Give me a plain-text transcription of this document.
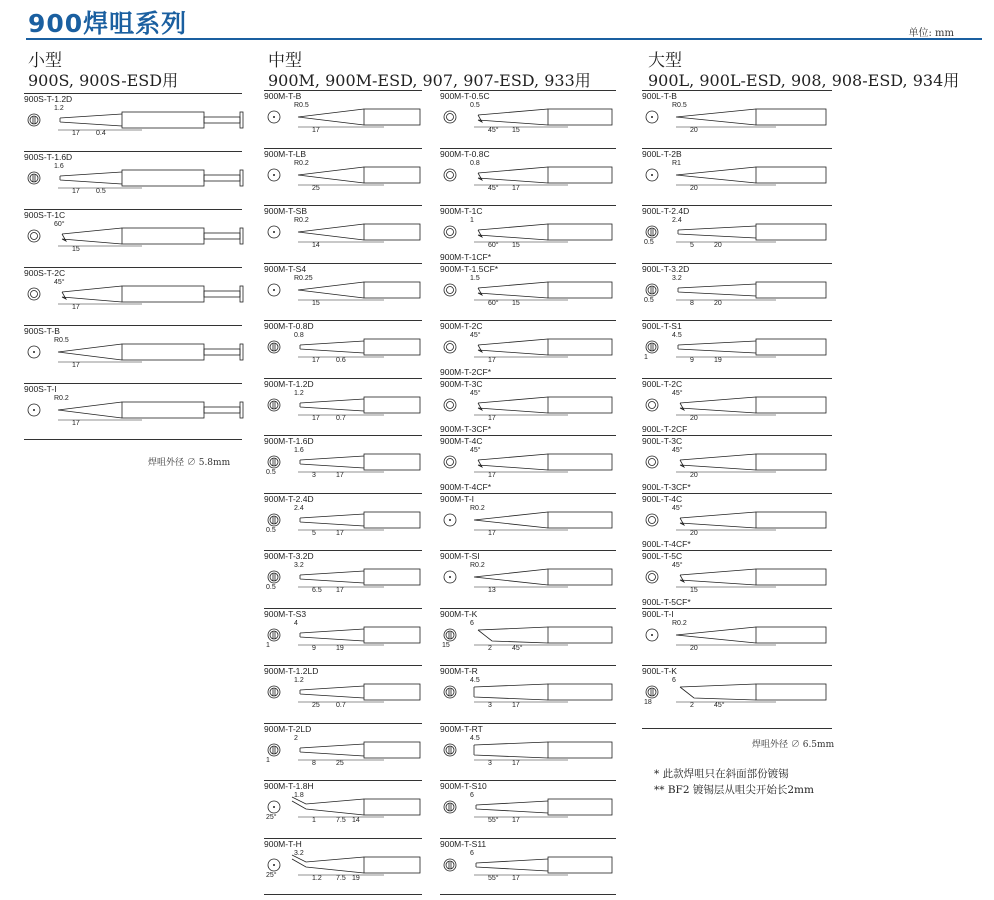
900焊咀系列	单位: mm
小型
900S, 900S-ESD用
中型
900M, 900M-ESD, 907, 907-ESD, 933用
大型
900L, 900L-ESD, 908, 908-ESD, 934用
900S-T-1.2D
1.2
17 0.4
900S-T-1.6D
1.6
17 0.5
900S-T-1C
60°
15
900S-T-2C
45°
17
900S-T-B
R0.5
17
900S-T-I
R0.2
17
900M-T-B
R0.5
17
900M-T-LB
R0.2
25
900M-T-SB
R0.2
14
900M-T-S4
R0.25
15
900M-T-0.8D
0.8
17 0.6
900M-T-1.2D
1.2
17 0.7
900M-T-1.6D
1.6
3	17
0.5
900M-T-2.4D
2.4
5	17
0.5
900M-T-3.2D
3.2
6.5 17
0.5
900M-T-S3
4
9	19
1
900M-T-1.2LD
1.2
25 0.7
900M-T-2LD
2
8	25
1
900M-T-1.8H
1.8
1	7.5
25°	14
900M-T-H
3.2
1.2 7.5
25°	19
900M-T-0.5C
0.5
45° 15
900M-T-0.8C
0.8
45° 17
900M-T-1C
900M-T-1CF*
1
60° 15
900M-T-1.5CF*
1.5
60° 15
900M-T-2C
900M-T-2CF*
45°
17
900M-T-3C
900M-T-3CF*
45°
17
900M-T-4C
900M-T-4CF*
45°
17
900M-T-I
R0.2
17
900M-T-SI
R0.2
13
900M-T-K
6
2	45°
15
900M-T-R
4.5
3	17
900M-T-RT
4.5
3	17
900M-T-S10
6
55° 17
900M-T-S11
6
55° 17
900L-T-B
R0.5
20
900L-T-2B
R1
20
900L-T-2.4D
2.4
5	20
0.5
900L-T-3.2D
3.2
8	20
0.5
900L-T-S1
4.5
9	19
1
900L-T-2C
900L-T-2CF
45°
20
900L-T-3C
900L-T-3CF*
45°
20
900L-T-4C
900L-T-4CF*
45°
20
900L-T-5C
900L-T-5CF*
45°
15
900L-T-I
R0.2
20
900L-T-K
6
2	45°
18
焊咀外径 ∅ 5.8mm
焊咀外径 ∅ 6.5mm
* 此款焊咀只在斜面部份镀锡
** BF2 镀锡层从咀尖开始长2mm
